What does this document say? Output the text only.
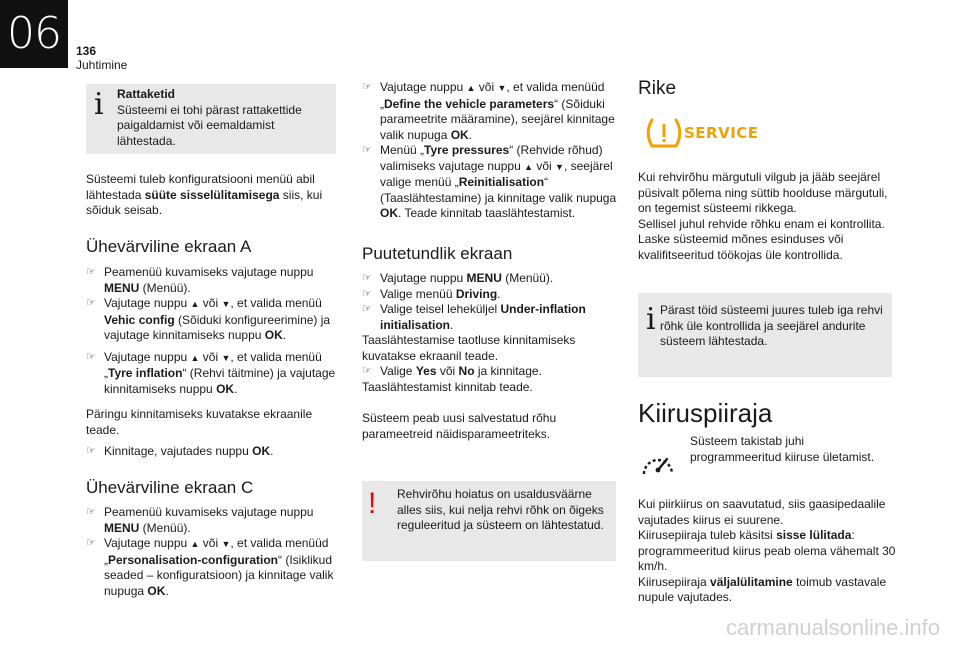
06	136
Juhtimine
i Rattaketid
Süsteemi ei tohi pärast rattakettide paigaldamist või eemaldamist lähtestada.

Süsteemi tuleb konfiguratsiooni menüü abil lähtestada süüte sisselülitamisega siis, kui sõiduk seisab.

Ühevärviline ekraan A

☞ Peamenüü kuvamiseks vajutage nuppu MENU (Menüü).

☞ Vajutage nuppu ▲ või ▼, et valida menüü Vehic config (Sõiduki konfigureerimine) ja vajutage kinnitamiseks nuppu OK.

☞ Vajutage nuppu ▲ või ▼, et valida menüü „Tyre inflation“ (Rehvi täitmine) ja vajutage kinnitamiseks nuppu OK.

Päringu kinnitamiseks kuvatakse ekraanile teade.

☞ Kinnitage, vajutades nuppu OK.

Ühevärviline ekraan C

☞ Peamenüü kuvamiseks vajutage nuppu MENU (Menüü).

☞ Vajutage nuppu ▲ või ▼, et valida menüüd „Personalisation-configuration“ (Isiklikud seaded – konfiguratsioon) ja kinnitage valik nupuga OK.

☞ Vajutage nuppu ▲ või ▼, et valida menüüd „Define the vehicle parameters“ (Sõiduki parameetrite määramine), seejärel kinnitage valik nupuga OK.

☞ Menüü „Tyre pressures“ (Rehvide rõhud) valimiseks vajutage nuppu ▲ või ▼, seejärel valige menüü „Reinitialisation“ (Taaslähtestamine) ja kinnitage valik nupuga OK. Teade kinnitab taaslähtestamist.

Puutetundlik ekraan

☞ Vajutage nuppu MENU (Menüü).

☞ Valige menüü Driving.

☞ Valige teisel leheküljel Under-inflation initialisation.

Taaslähtestamise taotluse kinnitamiseks kuvatakse ekraanil teade.

☞ Valige Yes või No ja kinnitage.

Taaslähtestamist kinnitab teade.

Süsteem peab uusi salvestatud rõhu parameetreid näidisparameetriteks.

! Rehvirõhu hoiatus on usaldusväärne alles siis, kui nelja rehvi rõhk on õigeks reguleeritud ja süsteem on lähtestatud.
Rike
SERVICE
Kui rehvirõhu märgutuli vilgub ja jääb seejärel püsivalt põlema ning süttib hoolduse märgutuli, on tegemist süsteemi rikkega.
Sellisel juhul rehvide rõhku enam ei kontrollita.
Laske süsteemid mõnes esinduses või kvalifitseeritud töökojas üle kontrollida.
i Pärast töid süsteemi juures tuleb iga rehvi rõhk üle kontrollida ja seejärel andurite süsteem lähtestada.
Kiiruspiiraja
Süsteem takistab juhi programmeeritud kiiruse ületamist.

Kui piirkiirus on saavutatud, siis gaasipedaalile vajutades kiirus ei suurene.

Kiirusepiiraja tuleb käsitsi sisse lülitada: programmeeritud kiirus peab olema vähemalt 30 km/h.

Kiirusepiiraja väljalülitamine toimub vastavale nupule vajutades.

carmanualsonline.info
